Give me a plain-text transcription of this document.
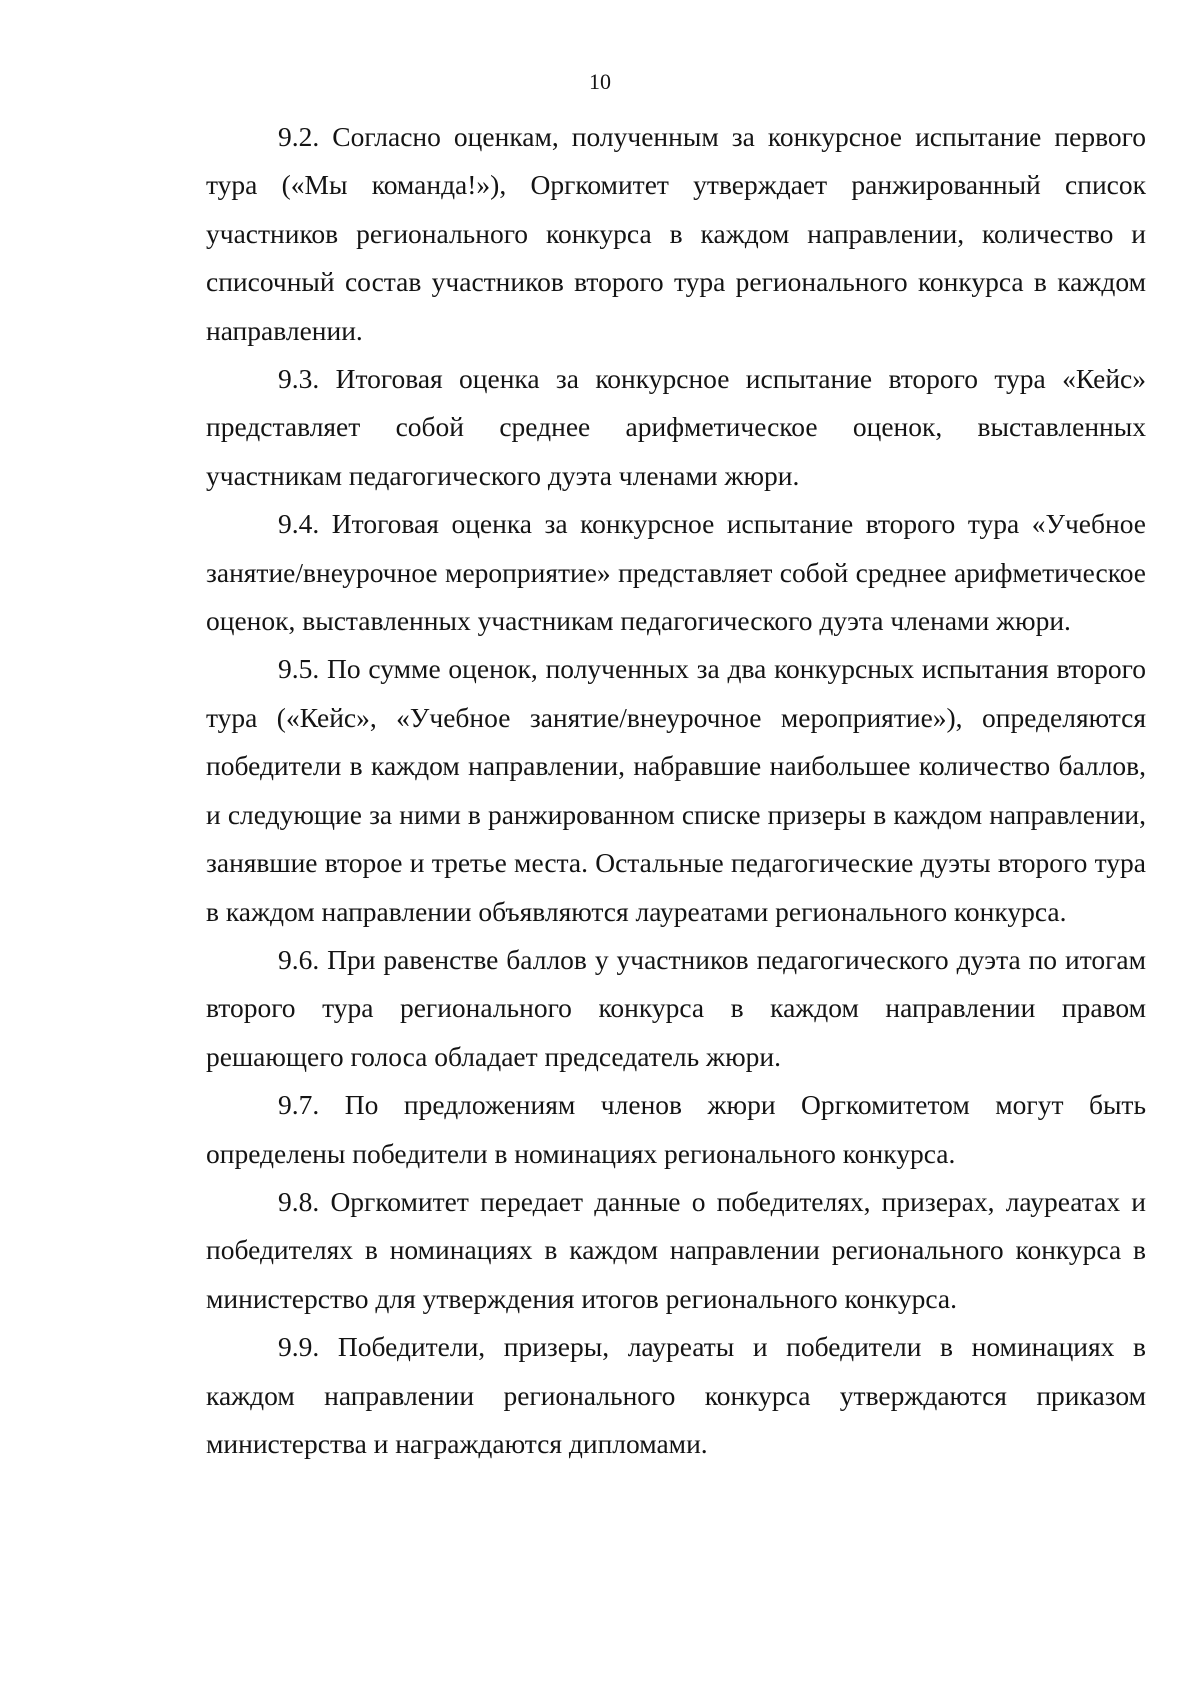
10

9.2. Согласно оценкам, полученным за конкурсное испытание первого тура («Мы команда!»), Оргкомитет утверждает ранжированный список участников регионального конкурса в каждом направлении, количество и списочный состав участников второго тура регионального конкурса в каждом направлении.

9.3. Итоговая оценка за конкурсное испытание второго тура «Кейс» представляет собой среднее арифметическое оценок, выставленных участникам педагогического дуэта членами жюри.

9.4. Итоговая оценка за конкурсное испытание второго тура «Учебное занятие/внеурочное мероприятие» представляет собой среднее арифметическое оценок, выставленных участникам педагогического дуэта членами жюри.

9.5. По сумме оценок, полученных за два конкурсных испытания второго тура («Кейс», «Учебное занятие/внеурочное мероприятие»), определяются победители в каждом направлении, набравшие наибольшее количество баллов, и следующие за ними в ранжированном списке призеры в каждом направлении, занявшие второе и третье места. Остальные педагогические дуэты второго тура в каждом направлении объявляются лауреатами регионального конкурса.

9.6. При равенстве баллов у участников педагогического дуэта по итогам второго тура регионального конкурса в каждом направлении правом решающего голоса обладает председатель жюри.

9.7. По предложениям членов жюри Оргкомитетом могут быть определены победители в номинациях регионального конкурса.

9.8. Оргкомитет передает данные о победителях, призерах, лауреатах и победителях в номинациях в каждом направлении регионального конкурса в министерство для утверждения итогов регионального конкурса.

9.9. Победители, призеры, лауреаты и победители в номинациях в каждом направлении регионального конкурса утверждаются приказом министерства и награждаются дипломами.
